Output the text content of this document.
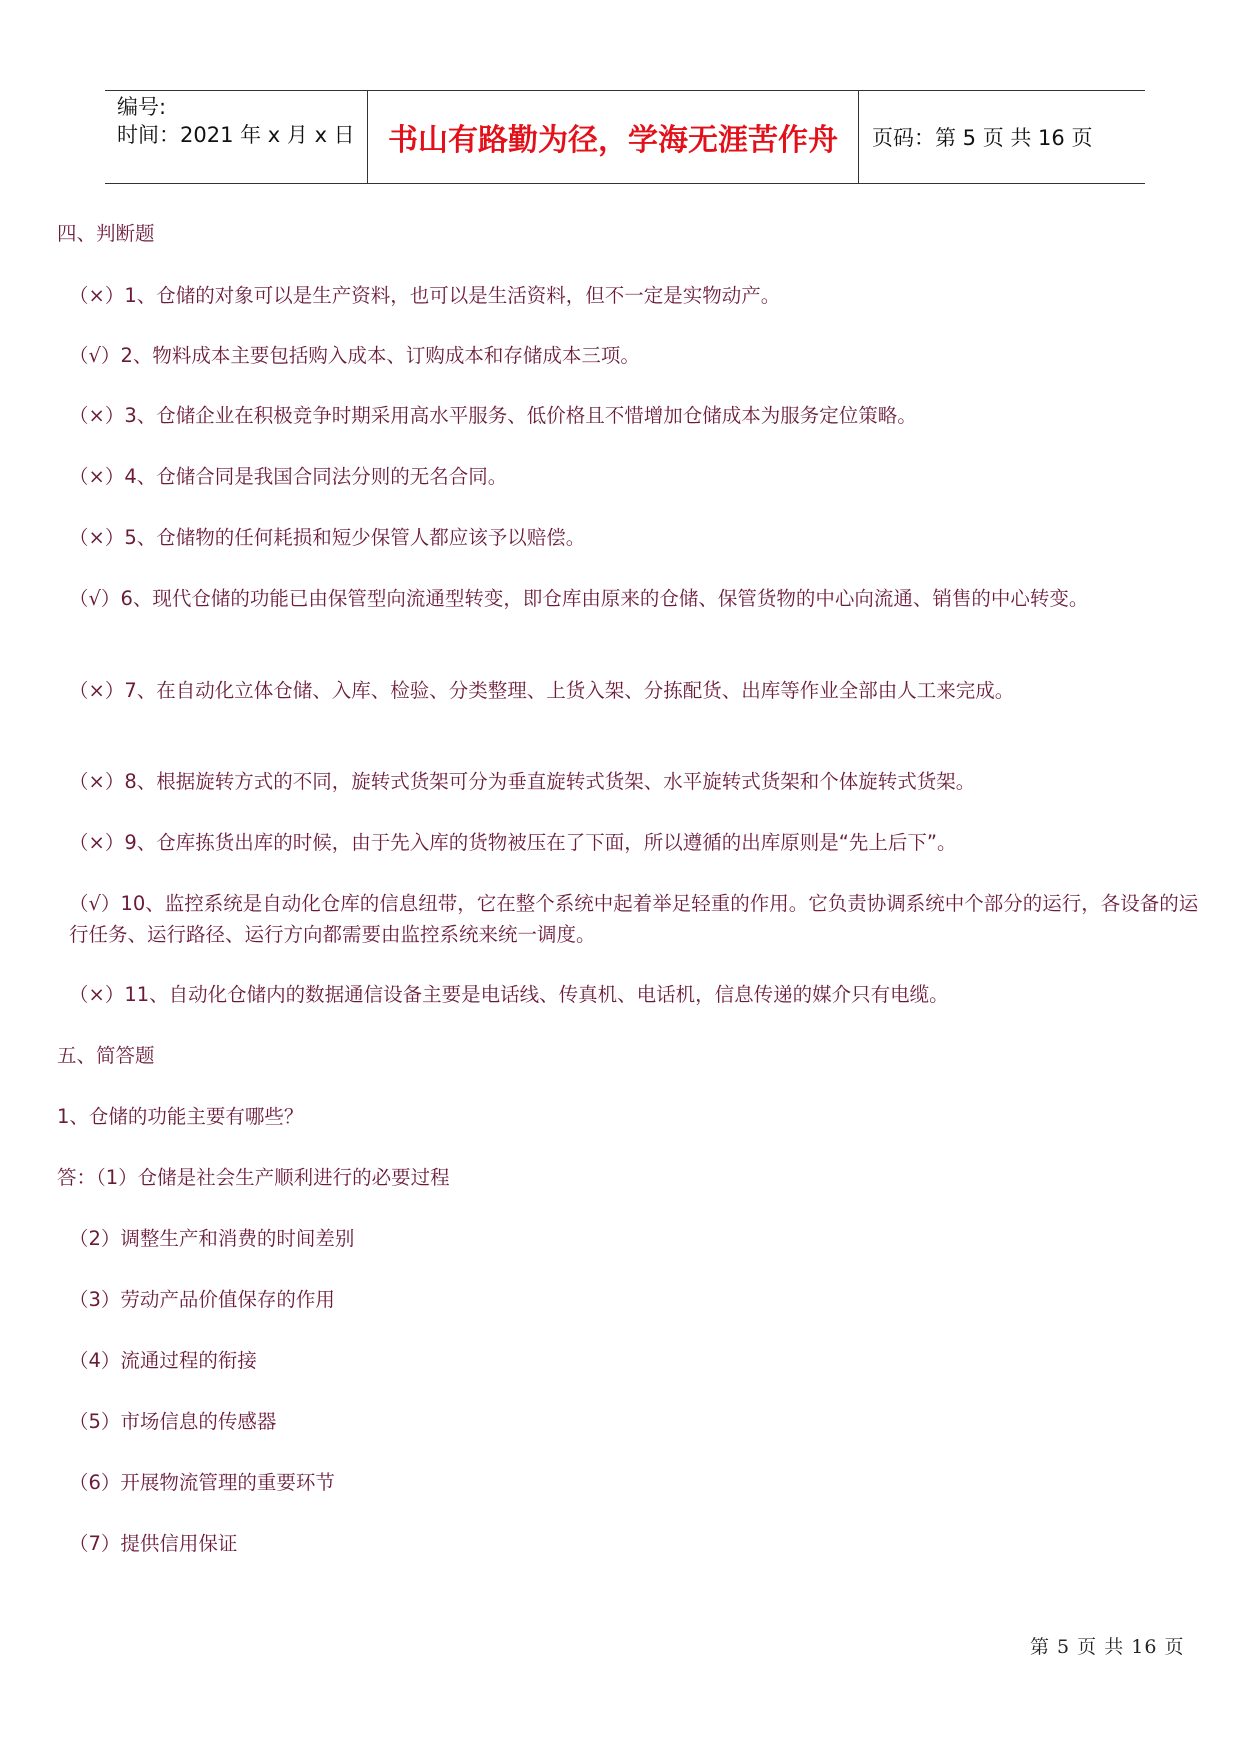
编号:
时间：2021 年 x 月 x 日	书山有路勤为径，学海无涯苦作舟	页码：第 5 页 共 16 页
四、判断题
（×）1、仓储的对象可以是生产资料，也可以是生活资料，但不一定是实物动产。
（√）2、物料成本主要包括购入成本、订购成本和存储成本三项。
（×）3、仓储企业在积极竞争时期采用高水平服务、低价格且不惜增加仓储成本为服务定位策略。
（×）4、仓储合同是我国合同法分则的无名合同。
（×）5、仓储物的任何耗损和短少保管人都应该予以赔偿。
（√）6、现代仓储的功能已由保管型向流通型转变，即仓库由原来的仓储、保管货物的中心向流通、销售的中心转变。
（×）7、在自动化立体仓储、入库、检验、分类整理、上货入架、分拣配货、出库等作业全部由人工来完成。
（×）8、根据旋转方式的不同，旋转式货架可分为垂直旋转式货架、水平旋转式货架和个体旋转式货架。
（×）9、仓库拣货出库的时候，由于先入库的货物被压在了下面，所以遵循的出库原则是“先上后下”。
（√）10、监控系统是自动化仓库的信息纽带，它在整个系统中起着举足轻重的作用。它负责协调系统中个部分的运行，各设备的运行任务、运行路径、运行方向都需要由监控系统来统一调度。
（×）11、自动化仓储内的数据通信设备主要是电话线、传真机、电话机，信息传递的媒介只有电缆。
五、简答题
1、仓储的功能主要有哪些？
答：（1）仓储是社会生产顺利进行的必要过程
（2）调整生产和消费的时间差别
（3）劳动产品价值保存的作用
（4）流通过程的衔接
（5）市场信息的传感器
（6）开展物流管理的重要环节
（7）提供信用保证
第 5 页 共 16 页
